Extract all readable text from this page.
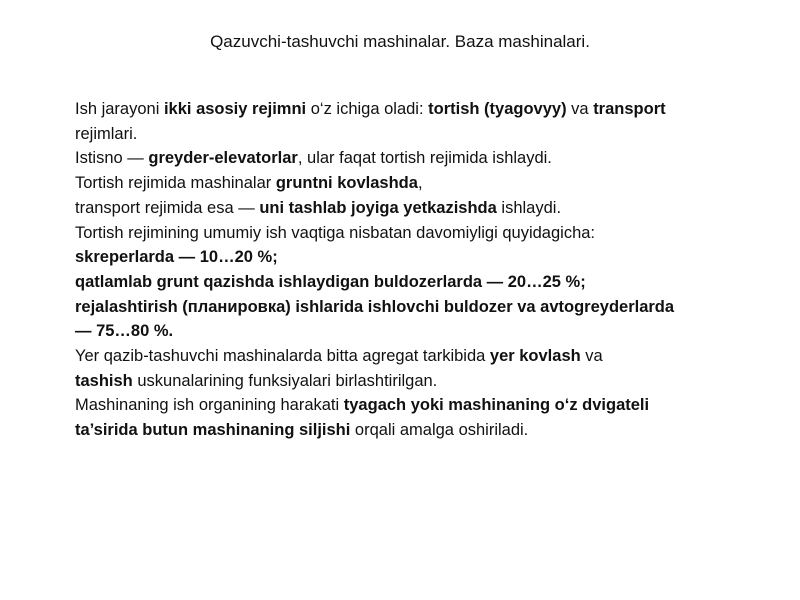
Qazuvchi-tashuvchi mashinalar. Baza mashinalari.
Ish jarayoni ikki asosiy rejimni o‘z ichiga oladi: tortish (tyagovyy) va transport
rejimlari.
Istisno — greyder-elevatorlar, ular faqat tortish rejimida ishlaydi.
Tortish rejimida mashinalar gruntni kovlashda,
transport rejimida esa — uni tashlab joyiga yetkazishda ishlaydi.
Tortish rejimining umumiy ish vaqtiga nisbatan davomiyligi quyidagicha:
skreperlarda — 10…20 %;
qatlamlab grunt qazishda ishlaydigan buldozerlarda — 20…25 %;
rejalashtirish (планировка) ishlarida ishlovchi buldozer va avtogreyderlarda
— 75…80 %.
Yer qazib-tashuvchi mashinalarda bitta agregat tarkibida yer kovlash va
tashish uskunalarining funksiyalari birlashtirilgan.
Mashinaning ish organining harakati tyagach yoki mashinaning o‘z dvigateli
ta’sirida butun mashinaning siljishi orqali amalga oshiriladi.
